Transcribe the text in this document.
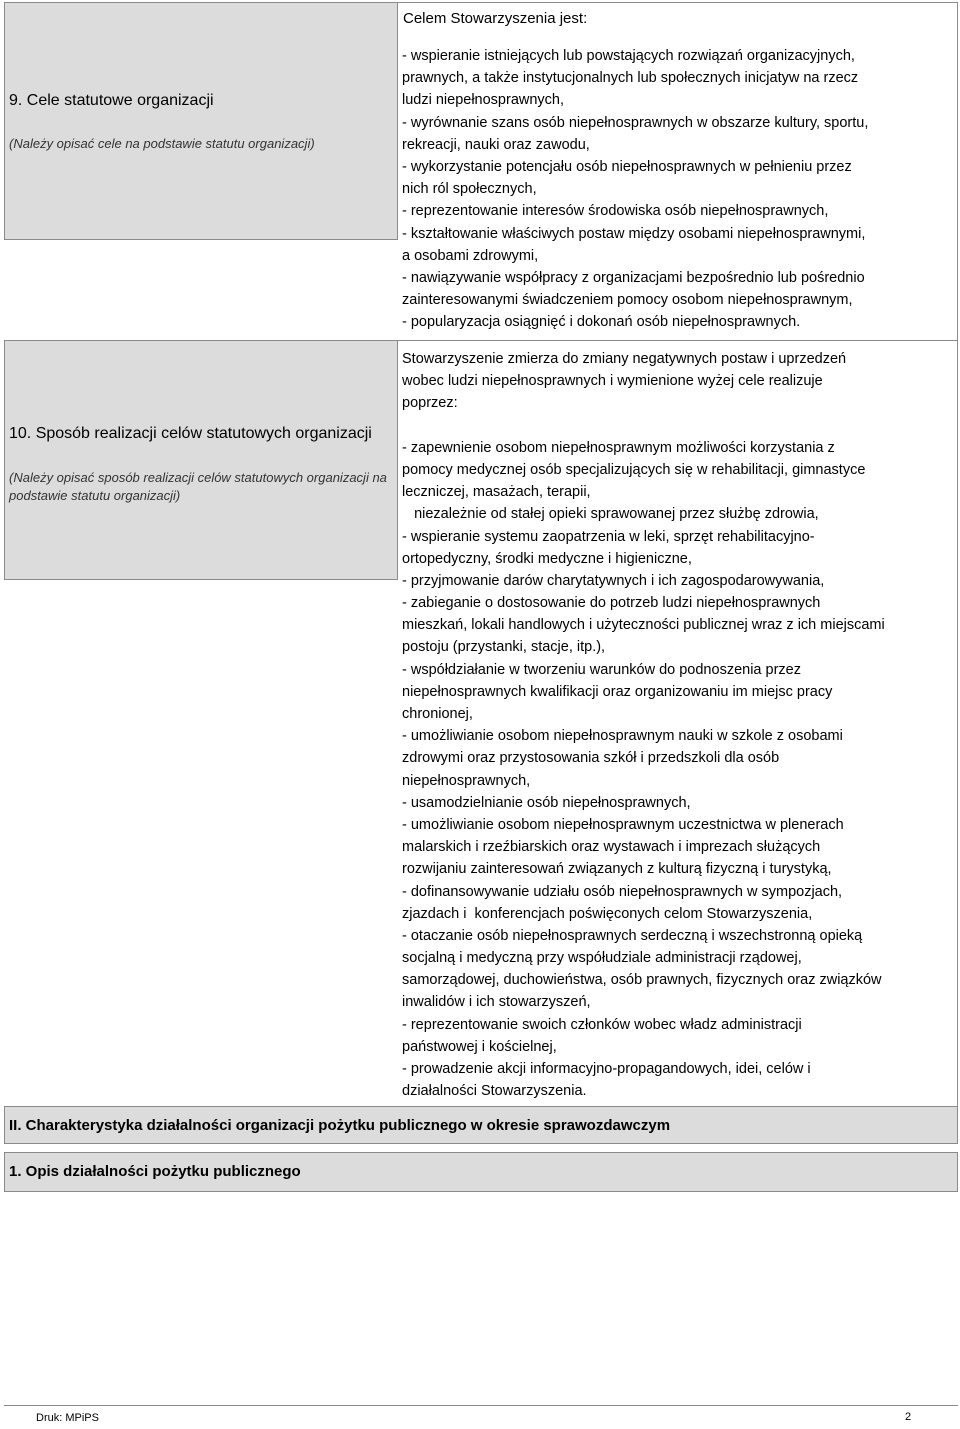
9. Cele statutowe organizacji
(Należy opisać cele na podstawie statutu organizacji)
Celem Stowarzyszenia jest:
- wspieranie istniejących lub powstających rozwiązań organizacyjnych,
prawnych, a także instytucjonalnych lub społecznych inicjatyw na rzecz
ludzi niepełnosprawnych,
- wyrównanie szans osób niepełnosprawnych w obszarze kultury, sportu,
rekreacji, nauki oraz zawodu,
- wykorzystanie potencjału osób niepełnosprawnych w pełnieniu przez
nich ról społecznych,
- reprezentowanie interesów środowiska osób niepełnosprawnych,
- kształtowanie właściwych postaw między osobami niepełnosprawnymi,
a osobami zdrowymi,
- nawiązywanie współpracy z organizacjami bezpośrednio lub pośrednio
zainteresowanymi świadczeniem pomocy osobom niepełnosprawnym,
- popularyzacja osiągnięć i dokonań osób niepełnosprawnych.
10. Sposób realizacji celów statutowych organizacji
(Należy opisać sposób realizacji celów statutowych organizacji na podstawie statutu organizacji)
Stowarzyszenie zmierza do zmiany negatywnych postaw i uprzedzeń
wobec ludzi niepełnosprawnych i wymienione wyżej cele realizuje
poprzez:
- zapewnienie osobom niepełnosprawnym możliwości korzystania z
pomocy medycznej osób specjalizujących się w rehabilitacji, gimnastyce
leczniczej, masażach, terapii,
niezależnie od stałej opieki sprawowanej przez służbę zdrowia,
- wspieranie systemu zaopatrzenia w leki, sprzęt rehabilitacyjno-
ortopedyczny, środki medyczne i higieniczne,
- przyjmowanie darów charytatywnych i ich zagospodarowywania,
- zabieganie o dostosowanie do potrzeb ludzi niepełnosprawnych
mieszkań, lokali handlowych i użyteczności publicznej wraz z ich miejscami
postoju (przystanki, stacje, itp.),
- współdziałanie w tworzeniu warunków do podnoszenia przez
niepełnosprawnych kwalifikacji oraz organizowaniu im miejsc pracy
chronionej,
- umożliwianie osobom niepełnosprawnym nauki w szkole z osobami
zdrowymi oraz przystosowania szkół i przedszkoli dla osób
niepełnosprawnych,
- usamodzielnianie osób niepełnosprawnych,
- umożliwianie osobom niepełnosprawnym uczestnictwa w plenerach
malarskich i rzeźbiarskich oraz wystawach i imprezach służących
rozwijaniu zainteresowań związanych z kulturą fizyczną i turystyką,
- dofinansowywanie udziału osób niepełnosprawnych w sympozjach,
zjazdach i  konferencjach poświęconych celom Stowarzyszenia,
- otaczanie osób niepełnosprawnych serdeczną i wszechstronną opieką
socjalną i medyczną przy współudziale administracji rządowej,
samorządowej, duchowieństwa, osób prawnych, fizycznych oraz związków
inwalidów i ich stowarzyszeń,
- reprezentowanie swoich członków wobec władz administracji
państwowej i kościelnej,
- prowadzenie akcji informacyjno-propagandowych, idei, celów i
działalności Stowarzyszenia.
II. Charakterystyka działalności organizacji pożytku publicznego w okresie sprawozdawczym
1. Opis działalności pożytku publicznego
Druk: MPiPS	2
